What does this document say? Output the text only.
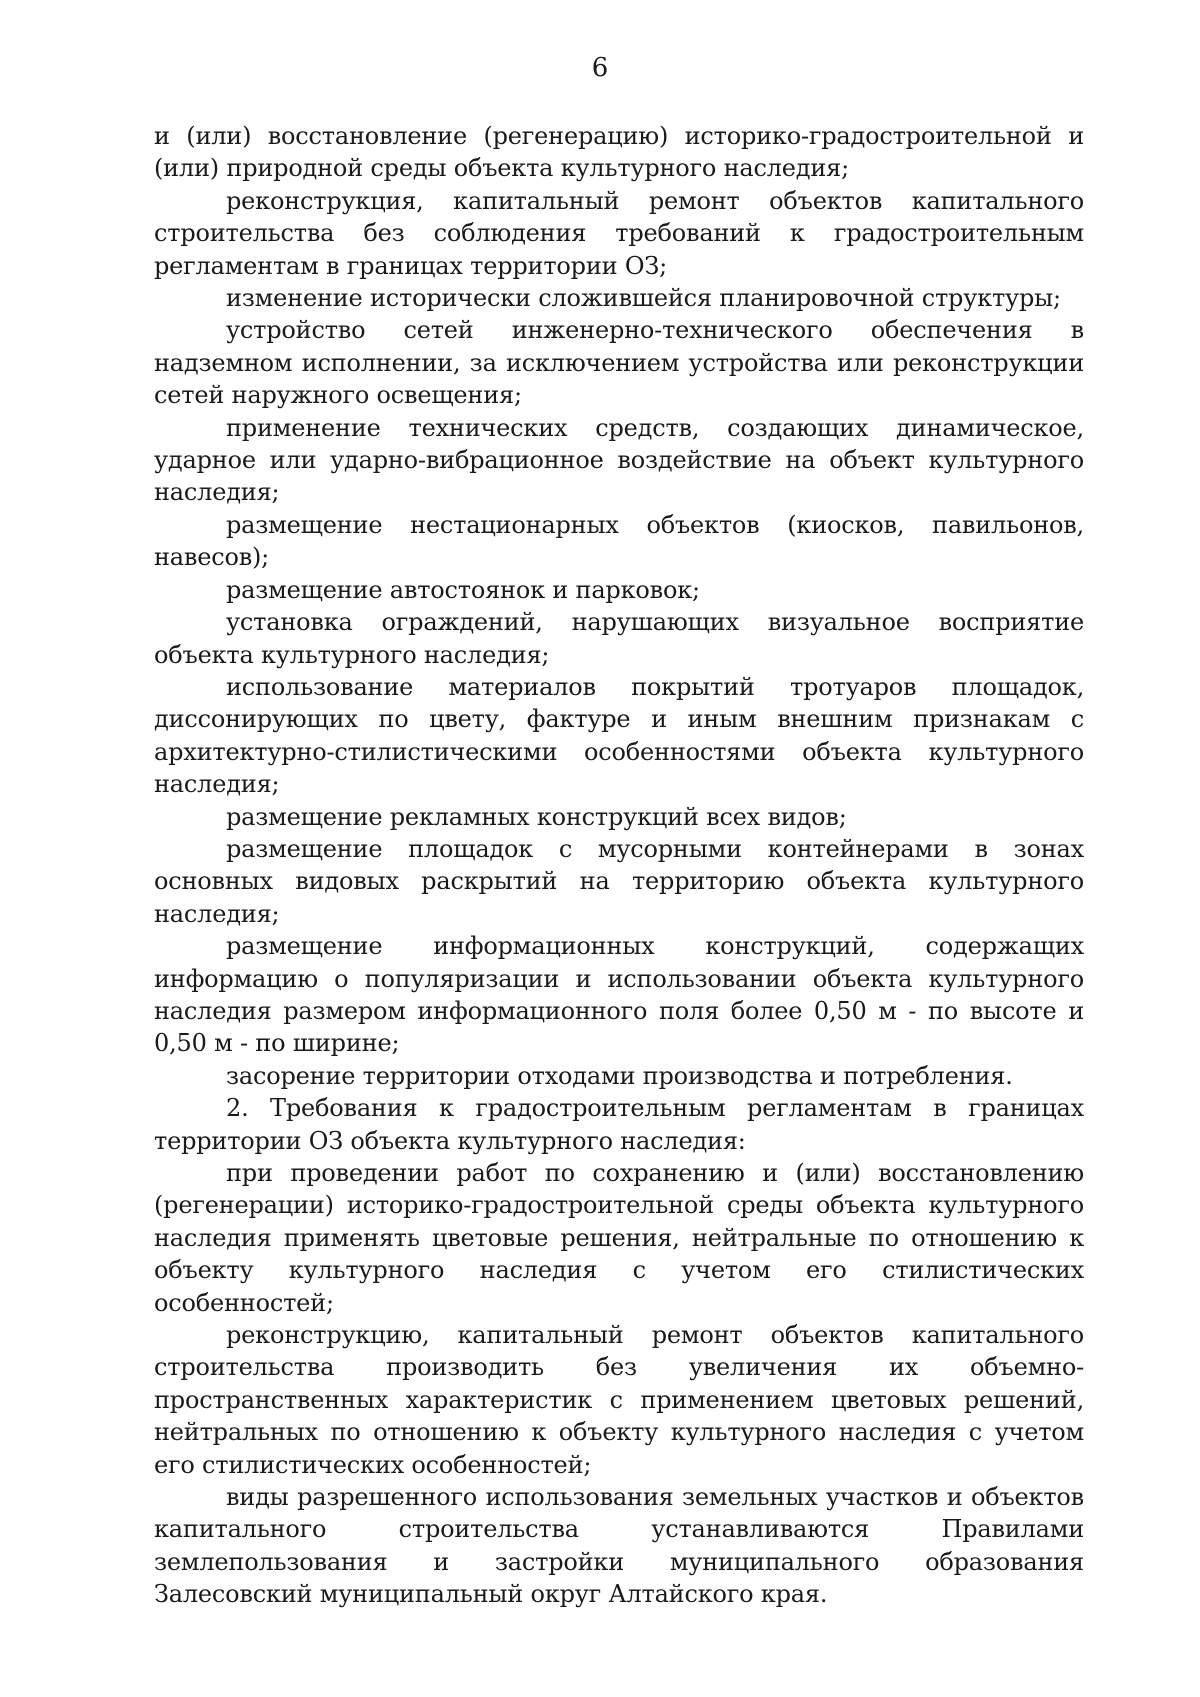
6

и (или) восстановление (регенерацию) историко-градостроительной и (или) природной среды объекта культурного наследия;

реконструкция, капитальный ремонт объектов капитального строительства без соблюдения требований к градостроительным регламентам в границах территории ОЗ;

изменение исторически сложившейся планировочной структуры;

устройство сетей инженерно-технического обеспечения в надземном исполнении, за исключением устройства или реконструкции сетей наружного освещения;

применение технических средств, создающих динамическое, ударное или ударно-вибрационное воздействие на объект культурного наследия;

размещение нестационарных объектов (киосков, павильонов, навесов);

размещение автостоянок и парковок;

установка ограждений, нарушающих визуальное восприятие объекта культурного наследия;

использование материалов покрытий тротуаров площадок, диссонирующих по цвету, фактуре и иным внешним признакам с архитектурно-стилистическими особенностями объекта культурного наследия;

размещение рекламных конструкций всех видов;

размещение площадок с мусорными контейнерами в зонах основных видовых раскрытий на территорию объекта культурного наследия;

размещение информационных конструкций, содержащих информацию о популяризации и использовании объекта культурного наследия размером информационного поля более 0,50 м - по высоте и 0,50 м - по ширине;

засорение территории отходами производства и потребления.

2. Требования к градостроительным регламентам в границах территории ОЗ объекта культурного наследия:

при проведении работ по сохранению и (или) восстановлению (регенерации) историко-градостроительной среды объекта культурного наследия применять цветовые решения, нейтральные по отношению к объекту культурного наследия с учетом его стилистических особенностей;

реконструкцию, капитальный ремонт объектов капитального строительства производить без увеличения их объемно-пространственных характеристик с применением цветовых решений, нейтральных по отношению к объекту культурного наследия с учетом его стилистических особенностей;

виды разрешенного использования земельных участков и объектов капитального строительства устанавливаются Правилами землепользования и застройки муниципального образования Залесовский муниципальный округ Алтайского края.
